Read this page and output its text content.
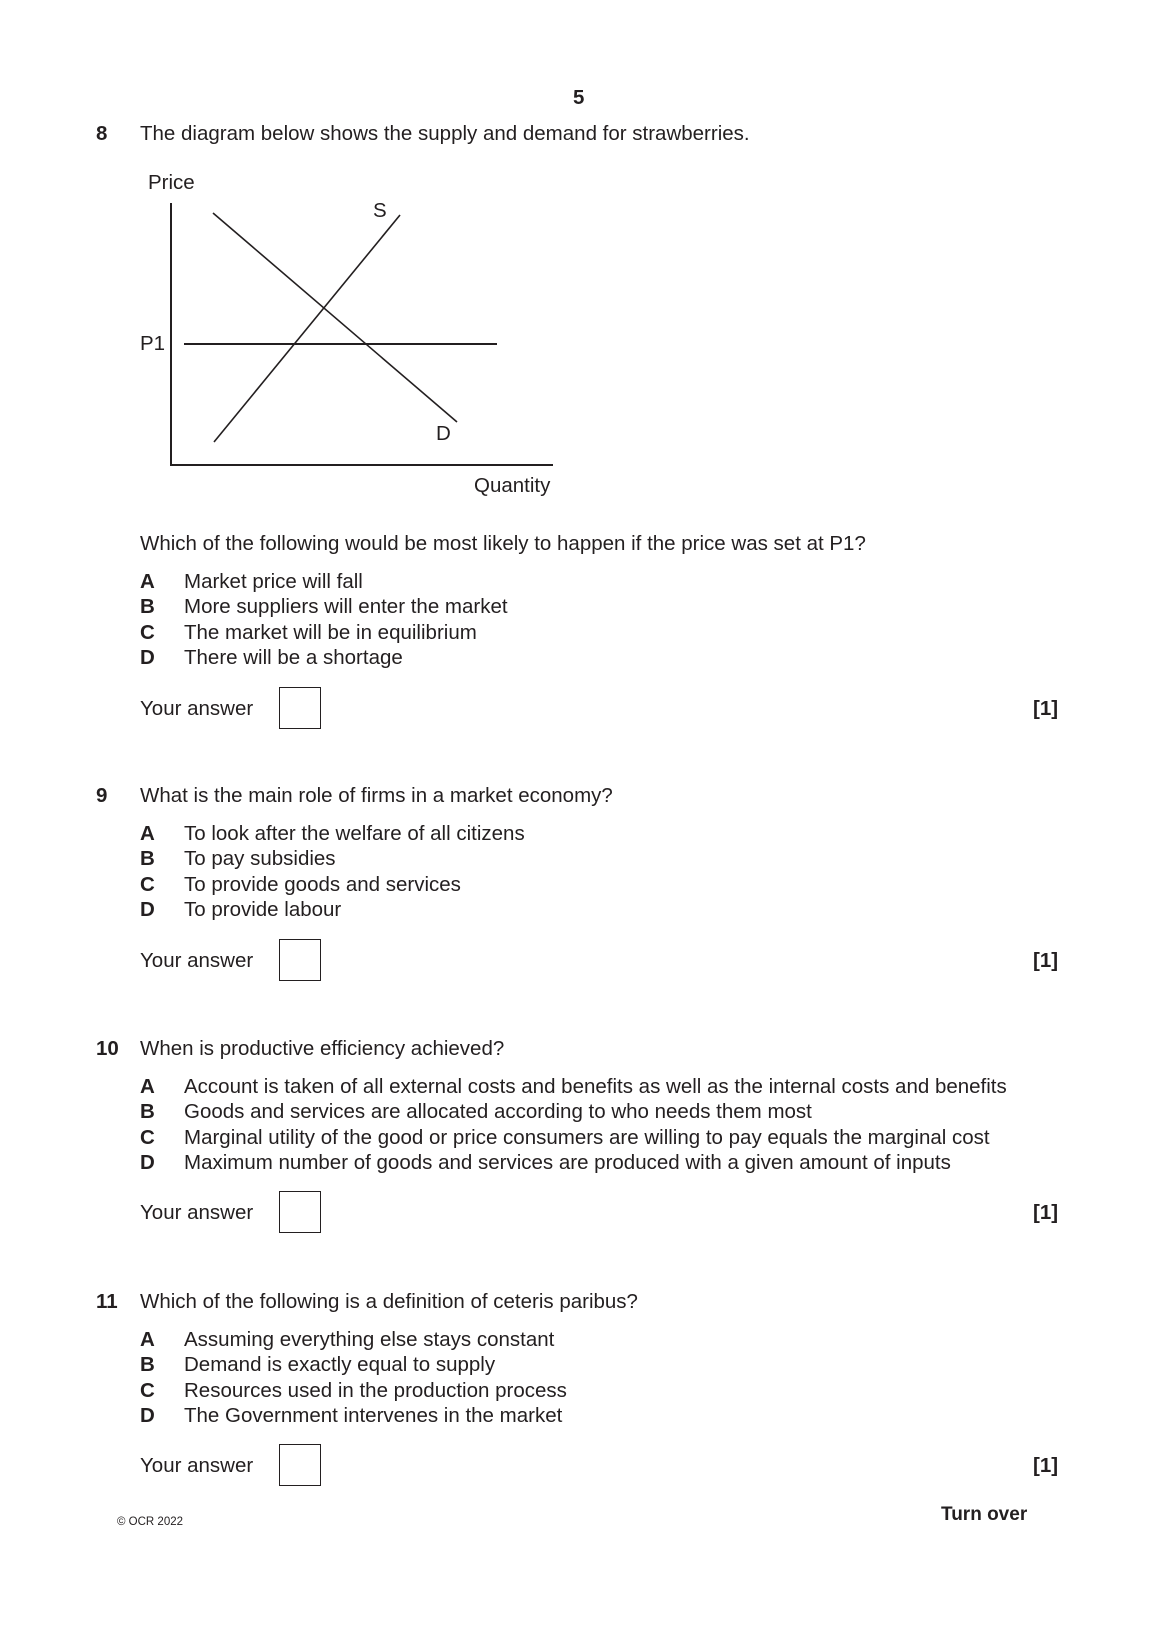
5
8 The diagram below shows the supply and demand for strawberries.
Price
S
D
P1
Quantity
Which of the following would be most likely to happen if the price was set at P1?
A Market price will fall
B More suppliers will enter the market
C The market will be in equilibrium
D There will be a shortage
Your answer	[1]
9 What is the main role of firms in a market economy?
A To look after the welfare of all citizens
B To pay subsidies
C To provide goods and services
D To provide labour
Your answer	[1]
10 When is productive efficiency achieved?
A Account is taken of all external costs and benefits as well as the internal costs and benefits
B Goods and services are allocated according to who needs them most
C Marginal utility of the good or price consumers are willing to pay equals the marginal cost
D Maximum number of goods and services are produced with a given amount of inputs
Your answer	[1]
11 Which of the following is a definition of ceteris paribus?
A Assuming everything else stays constant
B Demand is exactly equal to supply
C Resources used in the production process
D The Government intervenes in the market
Your answer	[1]
© OCR 2022	Turn over
